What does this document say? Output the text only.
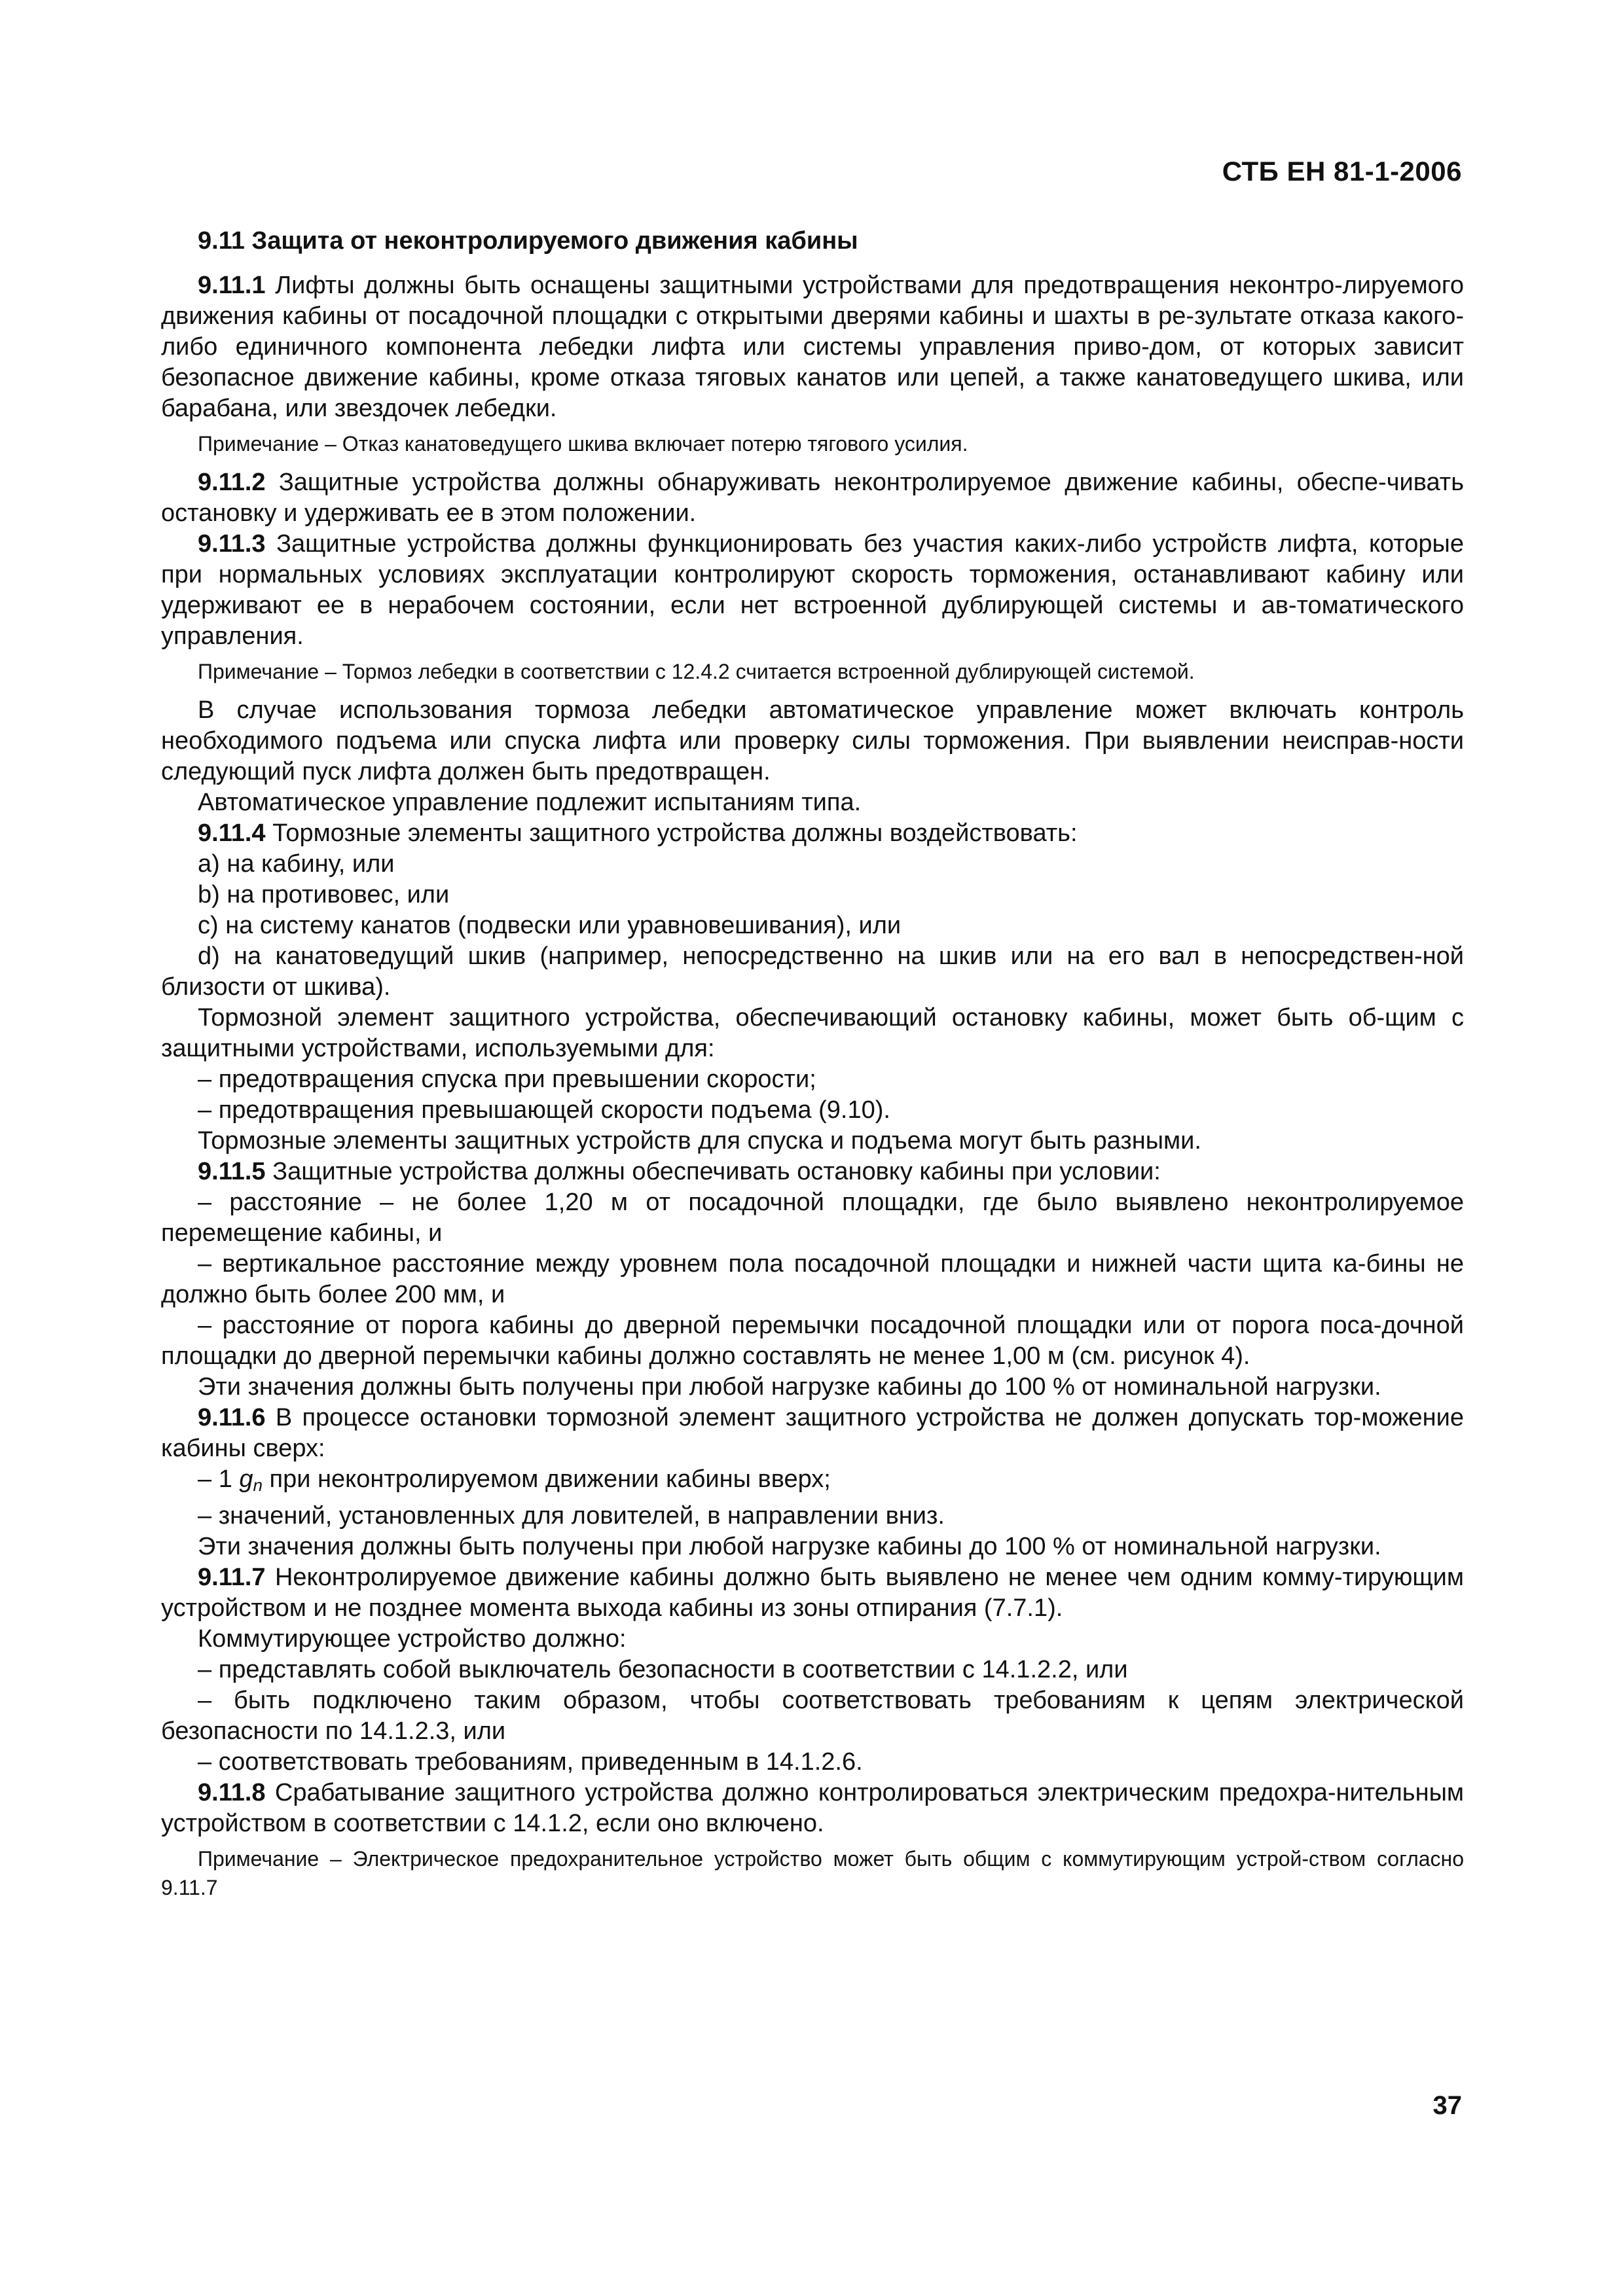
СТБ ЕН 81-1-2006
9.11 Защита от неконтролируемого движения кабины

9.11.1 Лифты должны быть оснащены защитными устройствами для предотвращения неконтро-лируемого движения кабины от посадочной площадки с открытыми дверями кабины и шахты в ре-зультате отказа какого-либо единичного компонента лебедки лифта или системы управления приво-дом, от которых зависит безопасное движение кабины, кроме отказа тяговых канатов или цепей, а также канатоведущего шкива, или барабана, или звездочек лебедки.

Примечание – Отказ канатоведущего шкива включает потерю тягового усилия.

9.11.2 Защитные устройства должны обнаруживать неконтролируемое движение кабины, обеспе-чивать остановку и удерживать ее в этом положении.

9.11.3 Защитные устройства должны функционировать без участия каких-либо устройств лифта, которые при нормальных условиях эксплуатации контролируют скорость торможения, останавливают кабину или удерживают ее в нерабочем состоянии, если нет встроенной дублирующей системы и ав-томатического управления.

Примечание – Тормоз лебедки в соответствии с 12.4.2 считается встроенной дублирующей системой.

В случае использования тормоза лебедки автоматическое управление может включать контроль необходимого подъема или спуска лифта или проверку силы торможения. При выявлении неисправ-ности следующий пуск лифта должен быть предотвращен.

Автоматическое управление подлежит испытаниям типа.

9.11.4 Тормозные элементы защитного устройства должны воздействовать:

a) на кабину, или

b) на противовес, или

c) на систему канатов (подвески или уравновешивания), или

d) на канатоведущий шкив (например, непосредственно на шкив или на его вал в непосредствен-ной близости от шкива).

Тормозной элемент защитного устройства, обеспечивающий остановку кабины, может быть об-щим с защитными устройствами, используемыми для:

– предотвращения спуска при превышении скорости;

– предотвращения превышающей скорости подъема (9.10).

Тормозные элементы защитных устройств для спуска и подъема могут быть разными.

9.11.5 Защитные устройства должны обеспечивать остановку кабины при условии:

– расстояние – не более 1,20 м от посадочной площадки, где было выявлено неконтролируемое перемещение кабины, и

– вертикальное расстояние между уровнем пола посадочной площадки и нижней части щита ка-бины не должно быть более 200 мм, и

– расстояние от порога кабины до дверной перемычки посадочной площадки или от порога поса-дочной площадки до дверной перемычки кабины должно составлять не менее 1,00 м (см. рисунок 4).

Эти значения должны быть получены при любой нагрузке кабины до 100 % от номинальной нагрузки.

9.11.6 В процессе остановки тормозной элемент защитного устройства не должен допускать тор-можение кабины сверх:

– 1 gn при неконтролируемом движении кабины вверх;

– значений, установленных для ловителей, в направлении вниз.

Эти значения должны быть получены при любой нагрузке кабины до 100 % от номинальной нагрузки.

9.11.7 Неконтролируемое движение кабины должно быть выявлено не менее чем одним комму-тирующим устройством и не позднее момента выхода кабины из зоны отпирания (7.7.1).

Коммутирующее устройство должно:

– представлять собой выключатель безопасности в соответствии с 14.1.2.2, или

– быть подключено таким образом, чтобы соответствовать требованиям к цепям электрической безопасности по 14.1.2.3, или

– соответствовать требованиям, приведенным в 14.1.2.6.

9.11.8 Срабатывание защитного устройства должно контролироваться электрическим предохра-нительным устройством в соответствии с 14.1.2, если оно включено.

Примечание – Электрическое предохранительное устройство может быть общим с коммутирующим устрой-ством согласно 9.11.7

37
